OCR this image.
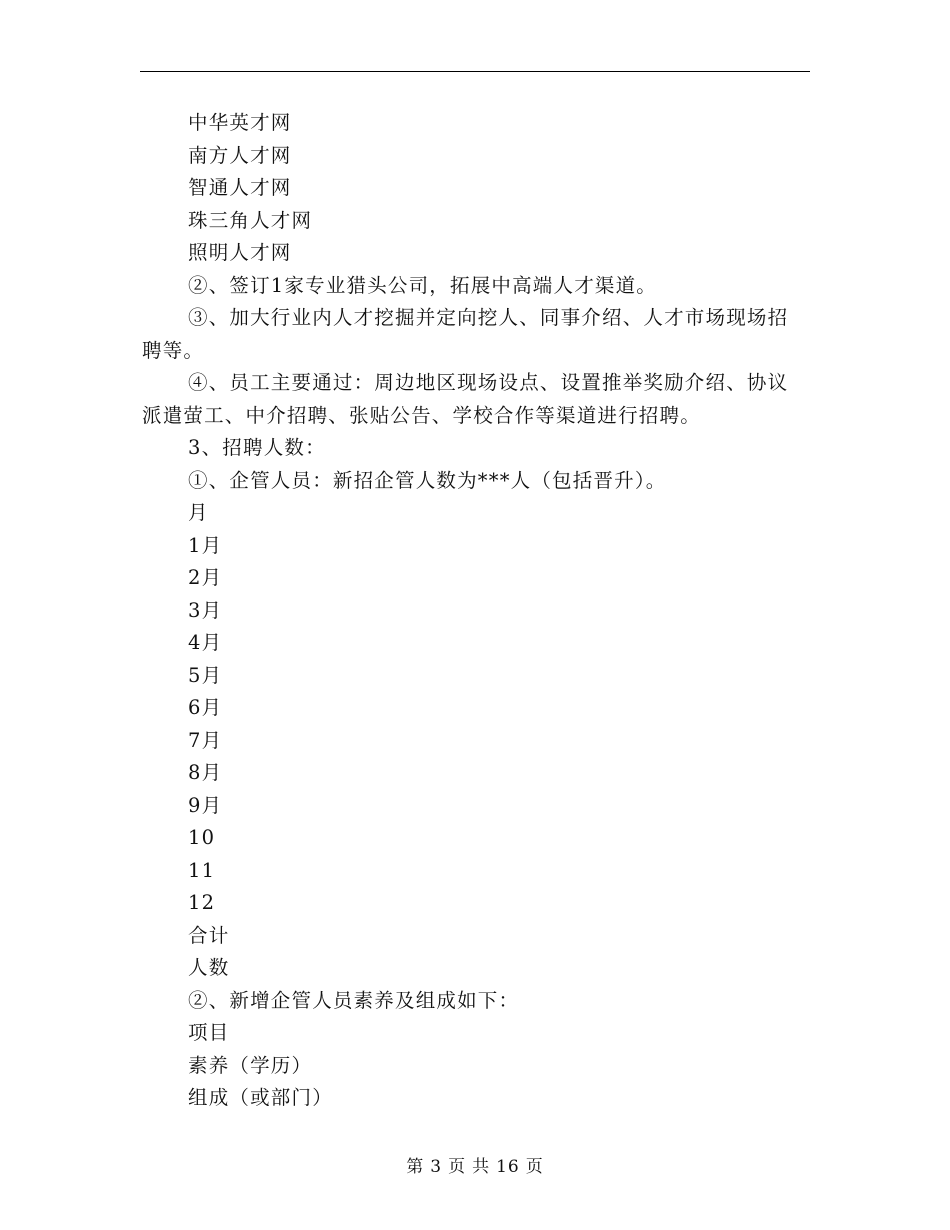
中华英才网

南方人才网

智通人才网

珠三角人才网

照明人才网

②、签订1家专业猎头公司，拓展中高端人才渠道。

③、加大行业内人才挖掘并定向挖人、同事介绍、人才市场现场招聘等。

④、员工主要通过：周边地区现场设点、设置推举奖励介绍、协议派遣萤工、中介招聘、张贴公告、学校合作等渠道进行招聘。

3、招聘人数：

①、企管人员：新招企管人数为***人（包括晋升）。

月

1月

2月

3月

4月

5月

6月

7月

8月

9月

10

11

12

合计

人数

②、新增企管人员素养及组成如下：

项目

素养（学历）

组成（或部门）

第 3 页 共 16 页
